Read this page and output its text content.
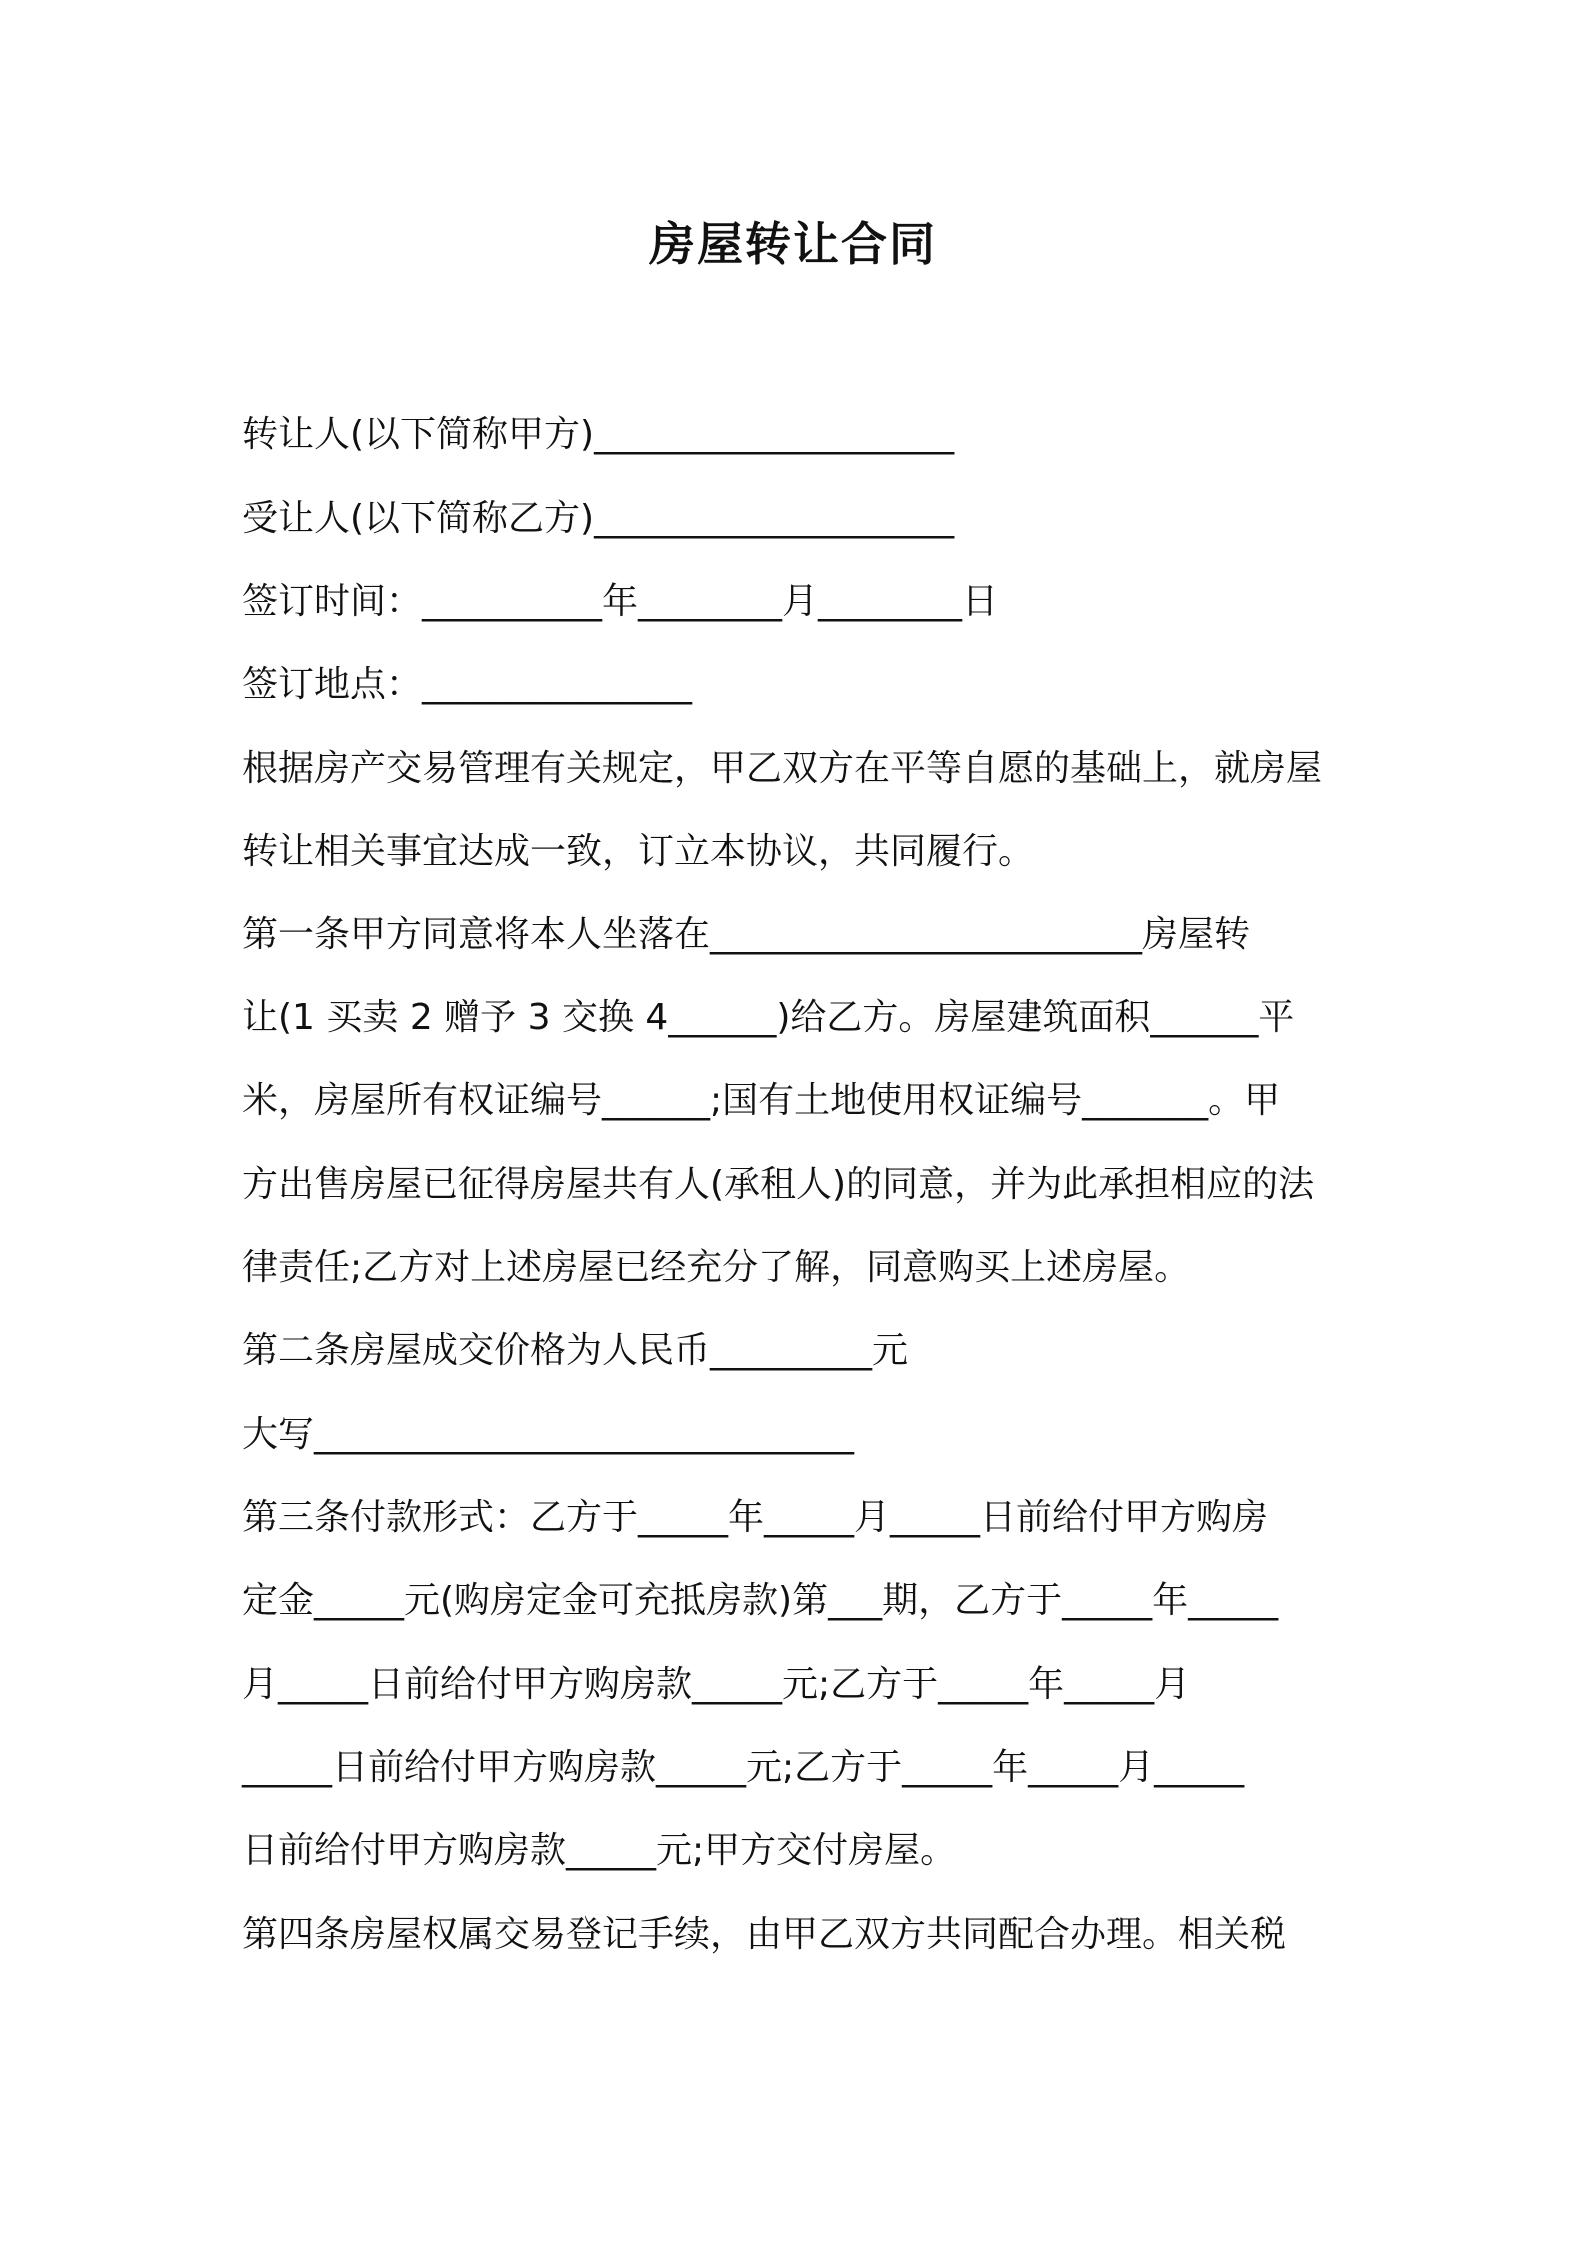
房屋转让合同
转让人(以下简称甲方)____________________
受让人(以下简称乙方)____________________
签订时间：__________年________月________日
签订地点：_______________
根据房产交易管理有关规定，甲乙双方在平等自愿的基础上，就房屋
转让相关事宜达成一致，订立本协议，共同履行。
第一条甲方同意将本人坐落在________________________房屋转
让(1 买卖 2 赠予 3 交换 4______)给乙方。房屋建筑面积______平
米，房屋所有权证编号______;国有土地使用权证编号_______。甲
方出售房屋已征得房屋共有人(承租人)的同意，并为此承担相应的法
律责任;乙方对上述房屋已经充分了解，同意购买上述房屋。
第二条房屋成交价格为人民币_________元
大写______________________________
第三条付款形式：乙方于_____年_____月_____日前给付甲方购房
定金_____元(购房定金可充抵房款)第___期，乙方于_____年_____
月_____日前给付甲方购房款_____元;乙方于_____年_____月
_____日前给付甲方购房款_____元;乙方于_____年_____月_____
日前给付甲方购房款_____元;甲方交付房屋。
第四条房屋权属交易登记手续，由甲乙双方共同配合办理。相关税
